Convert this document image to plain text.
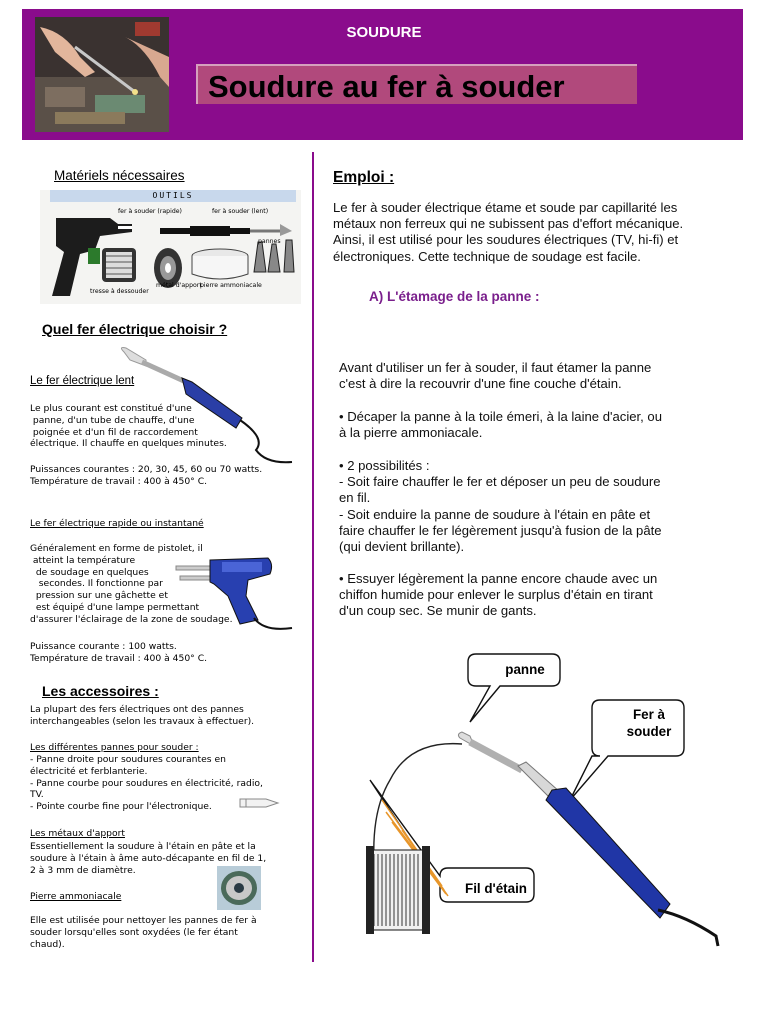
SOUDURE
Soudure au fer à souder
Matériels nécessaires
OUTILS
fer à souder (rapide)	fer à souder (lent)
pannes
tresse à dessouder
métal d'apport
pierre ammoniacale
Quel fer électrique choisir ?
Le fer électrique lent
Le plus courant est constitué d'une
panne, d'un tube de chauffe, d'une
poignée et d'un fil de raccordement
électrique. Il chauffe en quelques minutes.
Puissances courantes : 20, 30, 45, 60 ou 70 watts.
Température de travail : 400 à 450° C.
Le fer électrique rapide ou instantané
Généralement en forme de pistolet, il
atteint la température
de soudage en quelques
secondes. Il fonctionne par
pression sur une gâchette et
est équipé d'une lampe permettant
d'assurer l'éclairage de la zone de soudage.
Puissance courante : 100 watts.
Température de travail : 400 à 450° C.
Les accessoires :
La plupart des fers électriques ont des pannes
interchangeables (selon les travaux à effectuer).
Les différentes pannes pour souder :
- Panne droite pour soudures courantes en
électricité et ferblanterie.
- Panne courbe pour soudures en électricité, radio,
TV.
- Pointe courbe fine pour l'électronique.
Les métaux d'apport
Essentiellement la soudure à l'étain en pâte et la
soudure à l'étain à âme auto-décapante en fil de 1,
2 à 3 mm de diamètre.
Pierre ammoniacale
Elle est utilisée pour nettoyer les pannes de fer à
souder lorsqu'elles sont oxydées (le fer étant
chaud).
Emploi :
Le fer à souder électrique étame et soude par capillarité les
métaux non ferreux qui ne subissent pas d'effort mécanique.
Ainsi, il est utilisé pour les soudures électriques (TV, hi-fi) et
électroniques. Cette technique de soudage est facile.
A) L'étamage de la panne :
Avant d'utiliser un fer à souder, il faut étamer la panne
c'est à dire la recouvrir d'une fine couche d'étain.
• Décaper la panne à la toile émeri, à la laine d'acier, ou
à la pierre ammoniacale.
• 2 possibilités :
- Soit faire chauffer le fer et déposer un peu de soudure
en fil.
- Soit enduire la panne de soudure à l'étain en pâte et
faire chauffer le fer légèrement jusqu'à fusion de la pâte
(qui devient brillante).
• Essuyer légèrement la panne encore chaude avec un
chiffon humide pour enlever le surplus d'étain en tirant
d'un coup sec. Se munir de gants.
panne
Fer à
souder
Fil d'étain
